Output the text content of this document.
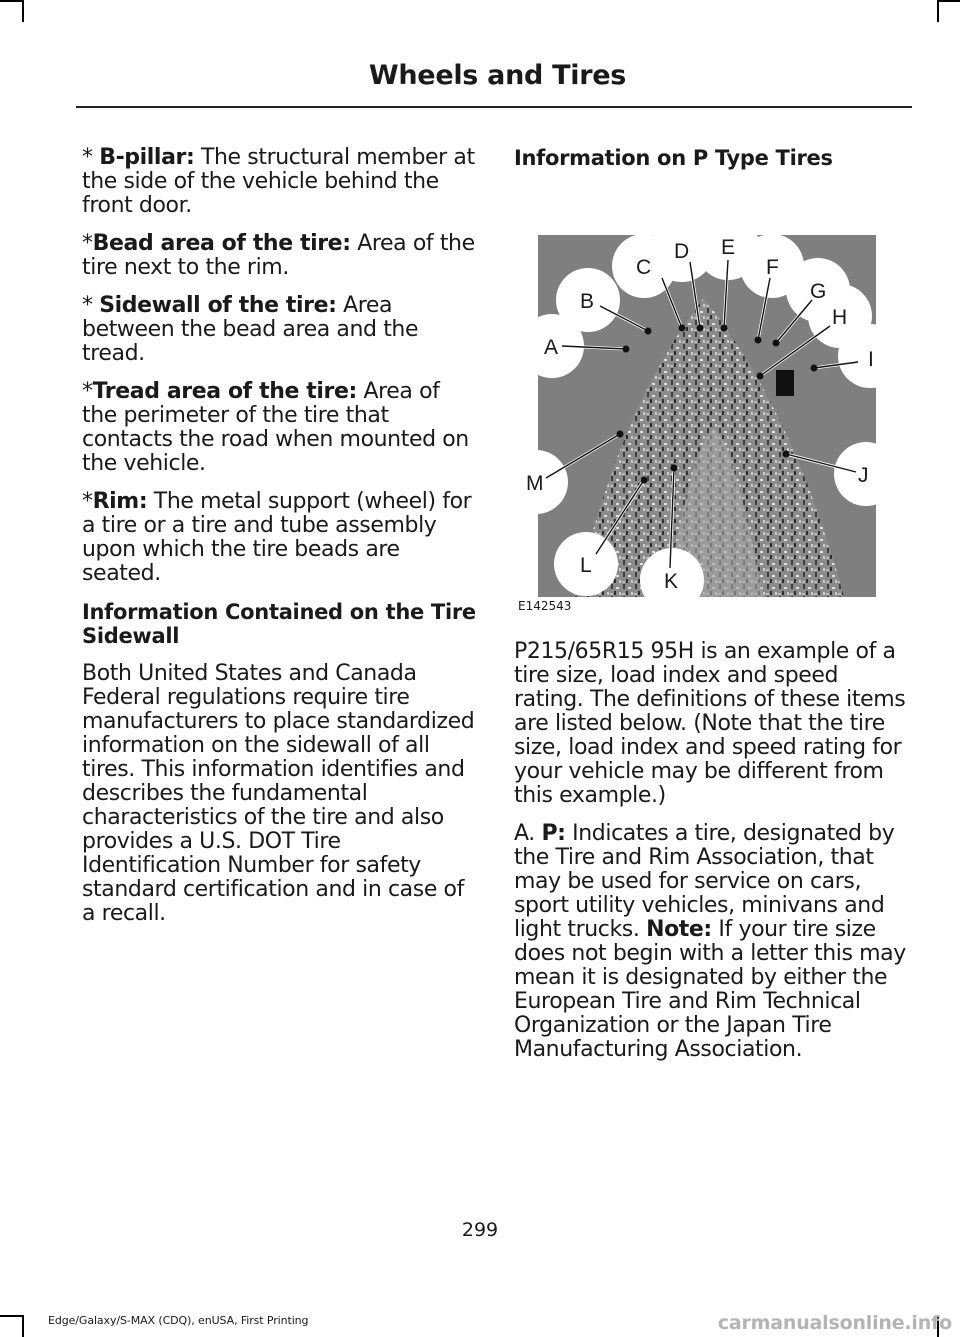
Wheels and Tires

* B-pillar: The structural member at the side of the vehicle behind the front door.

*Bead area of the tire: Area of the tire next to the rim.

* Sidewall of the tire: Area between the bead area and the tread.

*Tread area of the tire: Area of the perimeter of the tire that contacts the road when mounted on the vehicle.

*Rim: The metal support (wheel) for a tire or a tire and tube assembly upon which the tire beads are seated.

Information Contained on the Tire Sidewall

Both United States and Canada Federal regulations require tire manufacturers to place standardized information on the sidewall of all tires. This information identifies and describes the fundamental characteristics of the tire and also provides a U.S. DOT Tire Identification Number for safety standard certification and in case of a recall.

Information on P Type Tires
A
B
C
D E
F
G
H
I
J
K
L
M
E142543

P215/65R15 95H is an example of a tire size, load index and speed rating. The definitions of these items are listed below. (Note that the tire size, load index and speed rating for your vehicle may be different from this example.)

A. P: Indicates a tire, designated by the Tire and Rim Association, that may be used for service on cars, sport utility vehicles, minivans and light trucks. Note: If your tire size does not begin with a letter this may mean it is designated by either the European Tire and Rim Technical Organization or the Japan Tire Manufacturing Association.

299
Edge/Galaxy/S-MAX (CDQ), enUSA, First Printing	carmanualsonline.info
